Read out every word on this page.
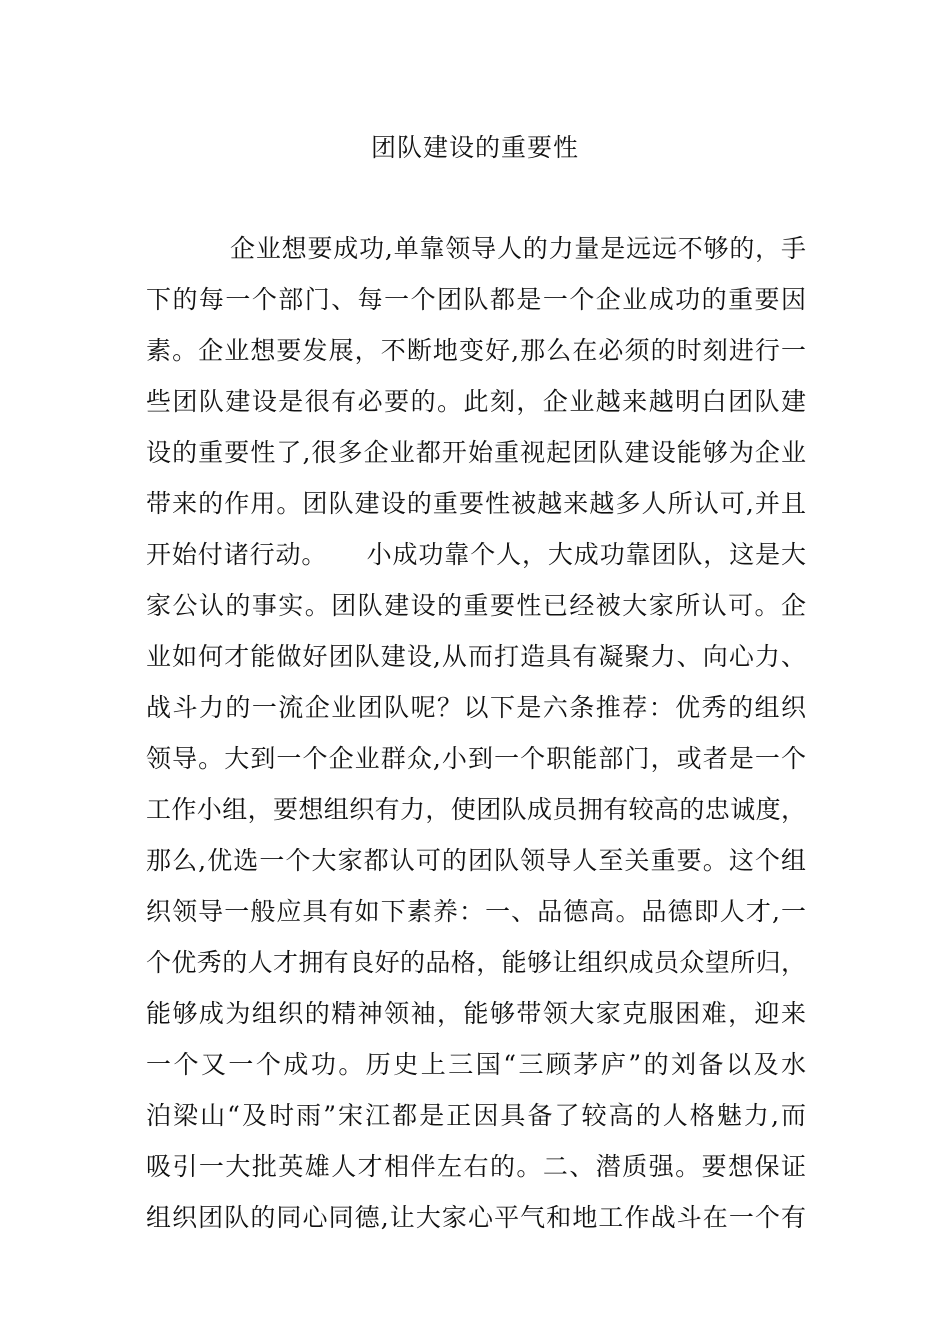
团队建设的重要性
企业想要成功,单靠领导人的力量是远远不够的，手
下的每一个部门、每一个团队都是一个企业成功的重要因
素。企业想要发展，不断地变好,那么在必须的时刻进行一
些团队建设是很有必要的。此刻，企业越来越明白团队建
设的重要性了,很多企业都开始重视起团队建设能够为企业
带来的作用。团队建设的重要性被越来越多人所认可,并且
开始付诸行动。　　小成功靠个人，大成功靠团队，这是大
家公认的事实。团队建设的重要性已经被大家所认可。企
业如何才能做好团队建设,从而打造具有凝聚力、向心力、
战斗力的一流企业团队呢？以下是六条推荐：优秀的组织
领导。大到一个企业群众,小到一个职能部门，或者是一个
工作小组，要想组织有力，使团队成员拥有较高的忠诚度，
那么,优选一个大家都认可的团队领导人至关重要。这个组
织领导一般应具有如下素养：一、品德高。品德即人才,一
个优秀的人才拥有良好的品格，能够让组织成员众望所归，
能够成为组织的精神领袖，能够带领大家克服困难，迎来
一个又一个成功。历史上三国“三顾茅庐”的刘备以及水
泊梁山“及时雨”宋江都是正因具备了较高的人格魅力,而
吸引一大批英雄人才相伴左右的。二、潜质强。要想保证
组织团队的同心同德,让大家心平气和地工作战斗在一个有
